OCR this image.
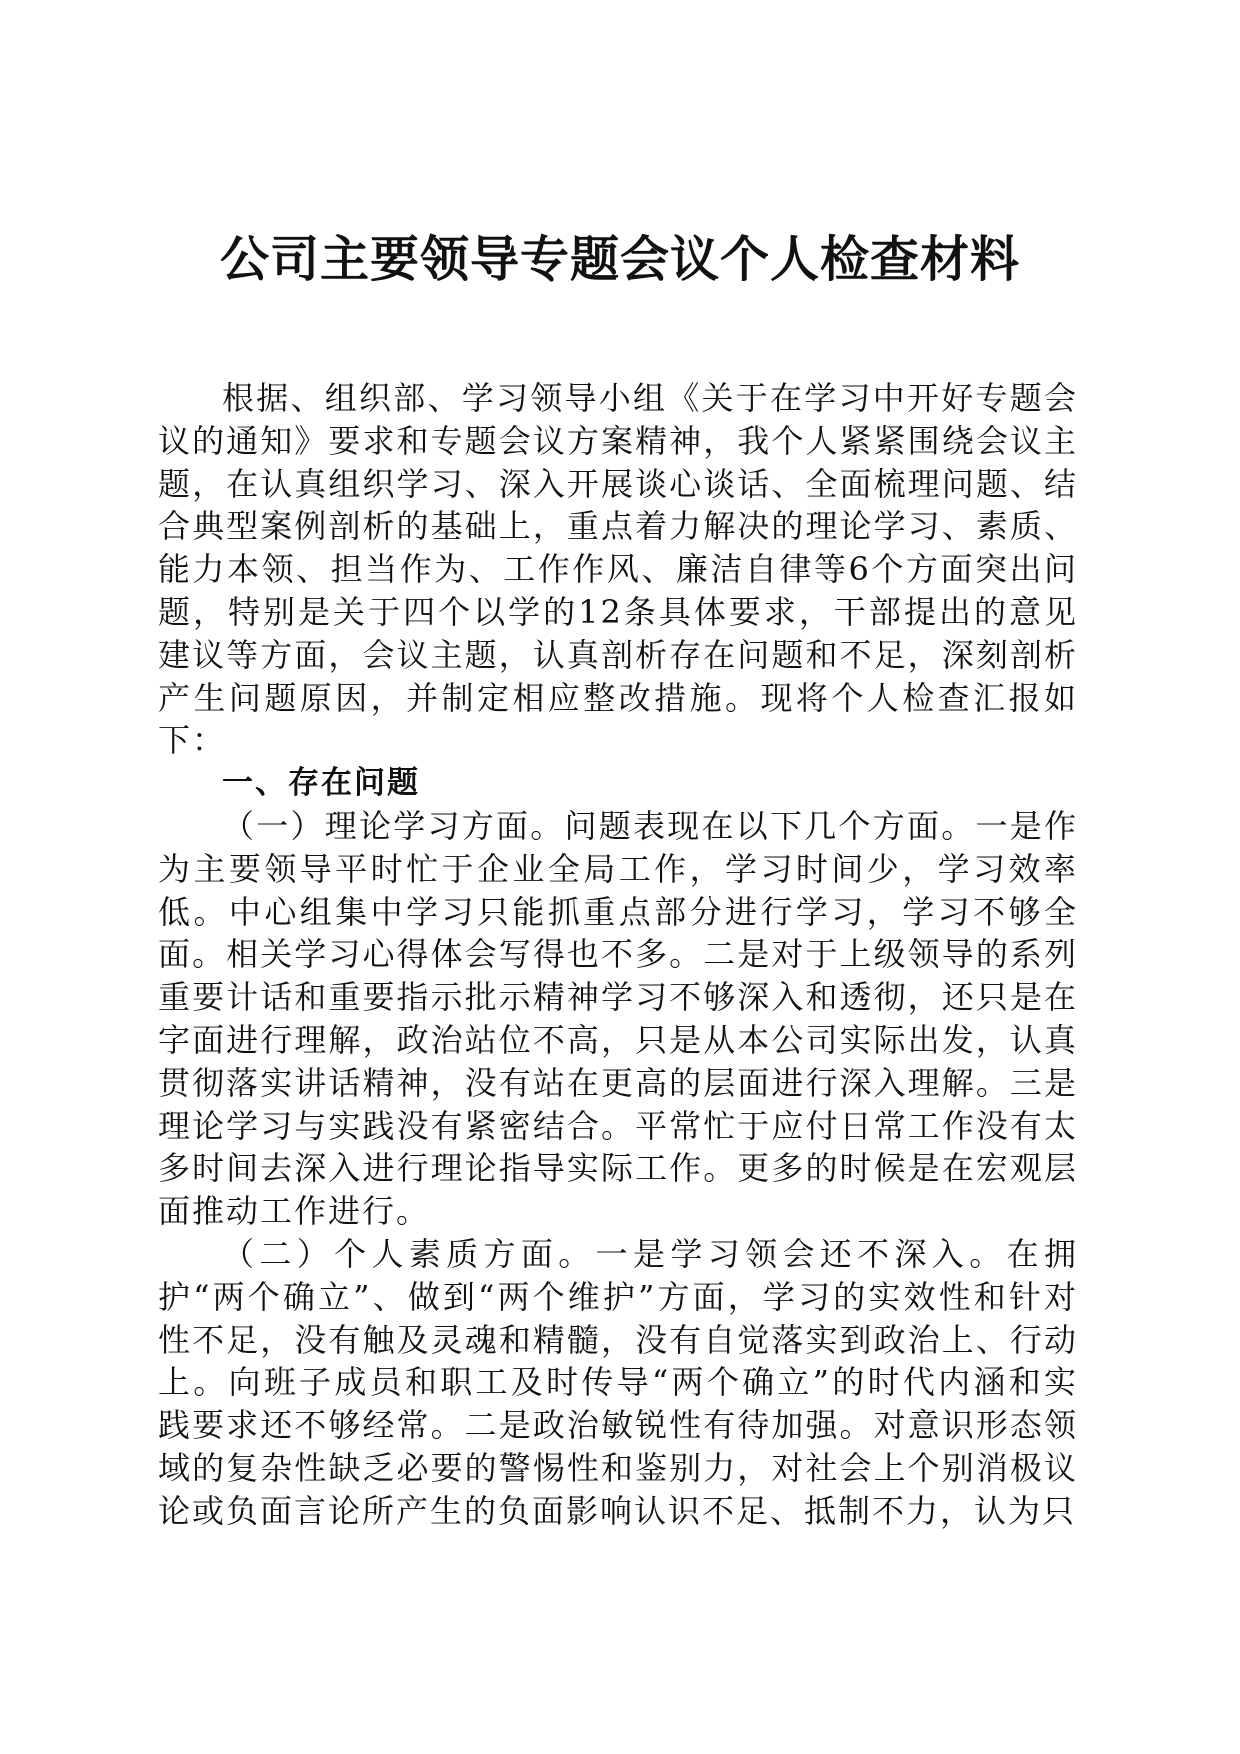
公司主要领导专题会议个人检查材料

根据、组织部、学习领导小组《关于在学习中开好专题会议的通知》要求和专题会议方案精神，我个人紧紧围绕会议主题，在认真组织学习、深入开展谈心谈话、全面梳理问题、结合典型案例剖析的基础上，重点着力解决的理论学习、素质、能力本领、担当作为、工作作风、廉洁自律等6个方面突出问题，特别是关于四个以学的12条具体要求，干部提出的意见建议等方面，会议主题，认真剖析存在问题和不足，深刻剖析产生问题原因，并制定相应整改措施。现将个人检查汇报如下：

一、存在问题

（一）理论学习方面。问题表现在以下几个方面。一是作为主要领导平时忙于企业全局工作，学习时间少，学习效率低。中心组集中学习只能抓重点部分进行学习，学习不够全面。相关学习心得体会写得也不多。二是对于上级领导的系列重要计话和重要指示批示精神学习不够深入和透彻，还只是在字面进行理解，政治站位不高，只是从本公司实际出发，认真贯彻落实讲话精神，没有站在更高的层面进行深入理解。三是理论学习与实践没有紧密结合。平常忙于应付日常工作没有太多时间去深入进行理论指导实际工作。更多的时候是在宏观层面推动工作进行。

（二）个人素质方面。一是学习领会还不深入。在拥护“两个确立”、做到“两个维护”方面，学习的实效性和针对性不足，没有触及灵魂和精髓，没有自觉落实到政治上、行动上。向班子成员和职工及时传导“两个确立”的时代内涵和实践要求还不够经常。二是政治敏锐性有待加强。对意识形态领域的复杂性缺乏必要的警惕性和鉴别力，对社会上个别消极议论或负面言论所产生的负面影响认识不足、抵制不力，认为只
